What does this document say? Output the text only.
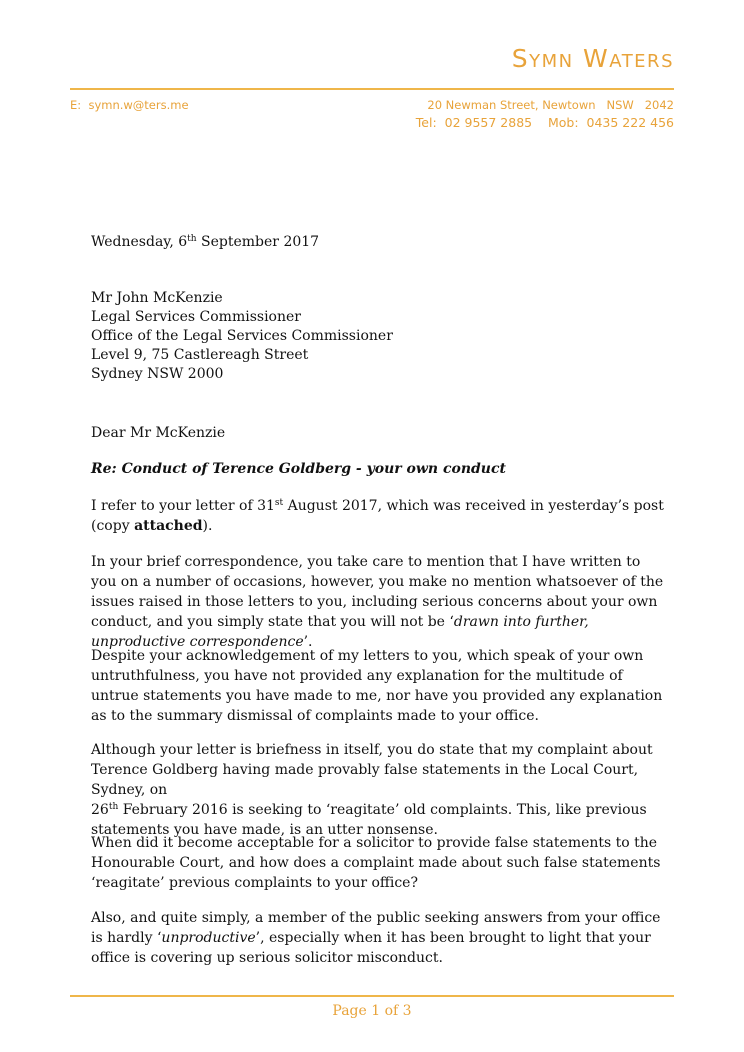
Symn Waters
E:  symn.w@ters.me	20 Newman Street, Newtown   NSW   2042
Tel:  02 9557 2885    Mob:  0435 222 456
Wednesday, 6th September 2017
Mr John McKenzie
Legal Services Commissioner
Office of the Legal Services Commissioner
Level 9, 75 Castlereagh Street
Sydney NSW 2000
Dear Mr McKenzie
Re: Conduct of Terence Goldberg - your own conduct
I refer to your letter of 31st August 2017, which was received in yesterday’s post (copy attached).
In your brief correspondence, you take care to mention that I have written to you on a number of occasions, however, you make no mention whatsoever of the issues raised in those letters to you, including serious concerns about your own conduct, and you simply state that you will not be ‘drawn into further, unproductive correspondence’.
Despite your acknowledgement of my letters to you, which speak of your own untruthfulness, you have not provided any explanation for the multitude of untrue statements you have made to me, nor have you provided any explanation as to the summary dismissal of complaints made to your office.
Although your letter is briefness in itself, you do state that my complaint about Terence Goldberg having made provably false statements in the Local Court, Sydney, on
26th February 2016 is seeking to ‘reagitate’ old complaints. This, like previous statements you have made, is an utter nonsense.
When did it become acceptable for a solicitor to provide false statements to the Honourable Court, and how does a complaint made about such false statements ‘reagitate’ previous complaints to your office?
Also, and quite simply, a member of the public seeking answers from your office is hardly ‘unproductive’, especially when it has been brought to light that your office is covering up serious solicitor misconduct.
Page 1 of 3
